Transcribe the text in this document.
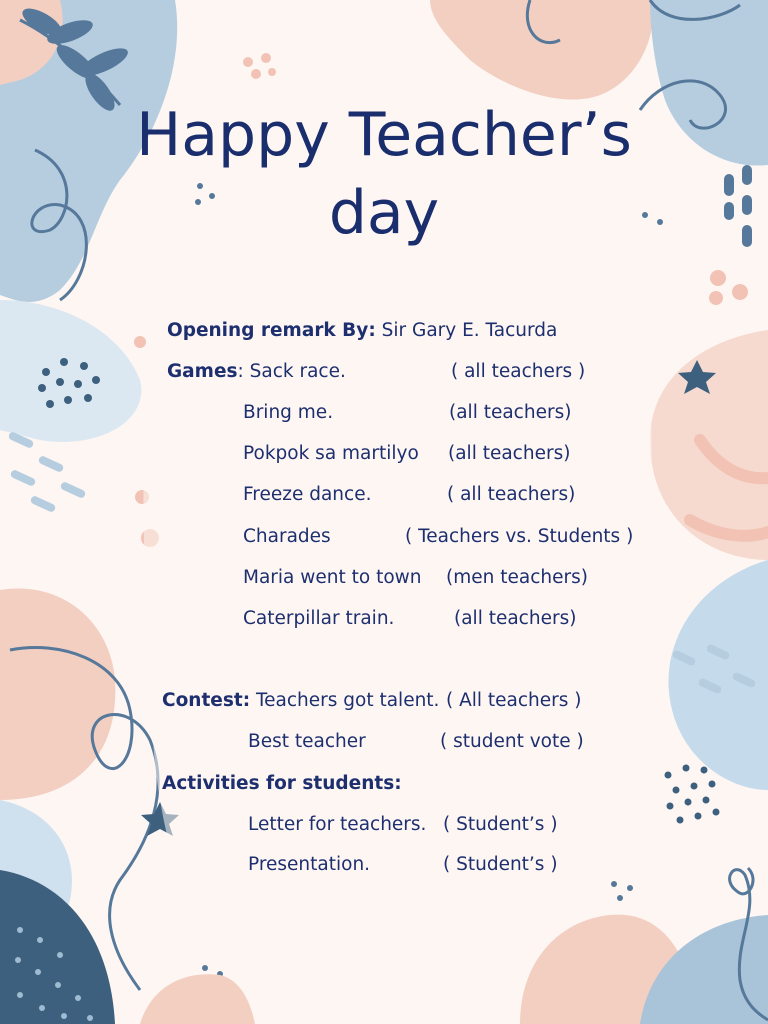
Happy Teacher’s
day
Opening remark By: Sir Gary E. Tacurda
Games: Sack race.	( all teachers )
Bring me.	(all teachers)
Pokpok sa martilyo (all teachers)
Freeze dance.	( all teachers)
Charades	( Teachers vs. Students )
Maria went to town (men teachers)
Caterpillar train.	(all teachers)
Contest: Teachers got talent. ( All teachers )
Best teacher	( student vote )
Activities for students:
Letter for teachers. ( Student’s )
Presentation.	( Student’s )
